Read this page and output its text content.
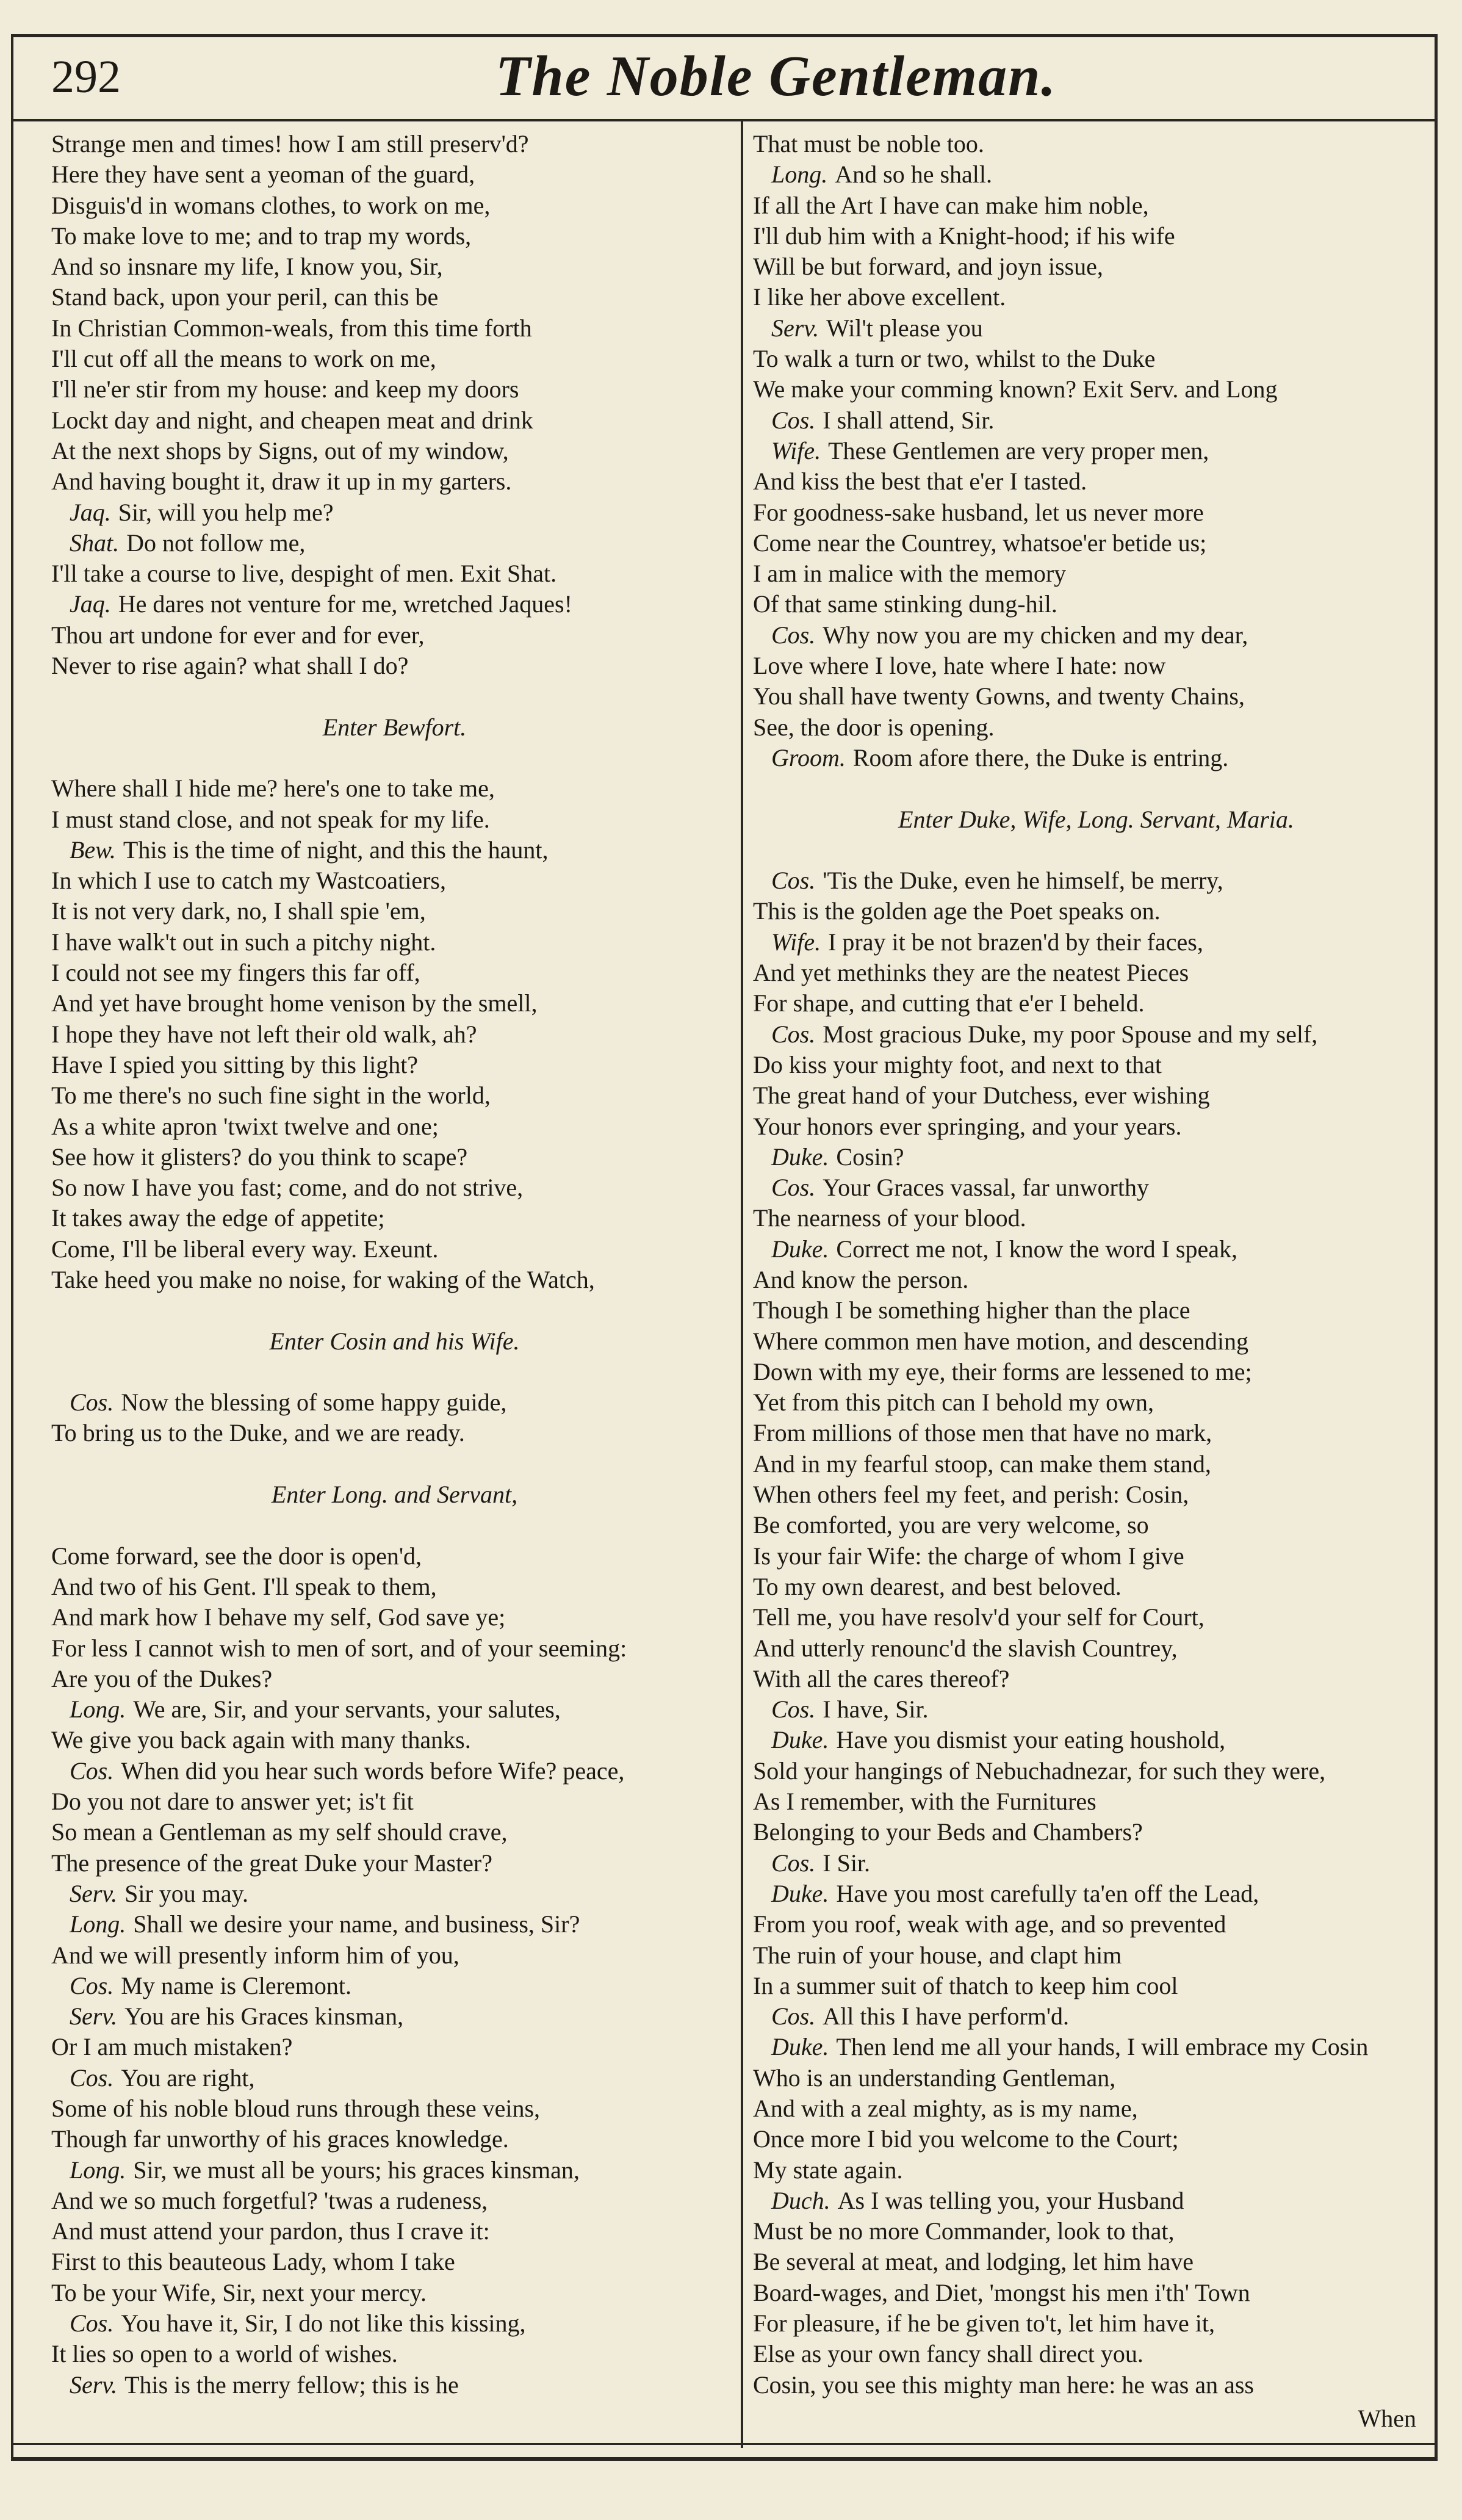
292	The Noble Gentleman.
Strange men and times! how I am still preserv'd?
Here they have sent a yeoman of the guard,
Disguis'd in womans clothes, to work on me,
To make love to me; and to trap my words,
And so insnare my life, I know you, Sir,
Stand back, upon your peril, can this be
In Christian Common-weals, from this time forth
I'll cut off all the means to work on me,
I'll ne'er stir from my house: and keep my doors
Lockt day and night, and cheapen meat and drink
At the next shops by Signs, out of my window,
And having bought it, draw it up in my garters.
Jaq. Sir, will you help me?
Shat. Do not follow me,
I'll take a course to live, despight of men. Exit Shat.
Jaq. He dares not venture for me, wretched Jaques!
Thou art undone for ever and for ever,
Never to rise again? what shall I do?
Enter Bewfort.
Where shall I hide me? here's one to take me,
I must stand close, and not speak for my life.
Bew. This is the time of night, and this the haunt,
In which I use to catch my Wastcoatiers,
It is not very dark, no, I shall spie 'em,
I have walk't out in such a pitchy night.
I could not see my fingers this far off,
And yet have brought home venison by the smell,
I hope they have not left their old walk, ah?
Have I spied you sitting by this light?
To me there's no such fine sight in the world,
As a white apron 'twixt twelve and one;
See how it glisters? do you think to scape?
So now I have you fast; come, and do not strive,
It takes away the edge of appetite;
Come, I'll be liberal every way. Exeunt.
Take heed you make no noise, for waking of the Watch,
Enter Cosin and his Wife.
Cos. Now the blessing of some happy guide,
To bring us to the Duke, and we are ready.
Enter Long. and Servant,
Come forward, see the door is open'd,
And two of his Gent. I'll speak to them,
And mark how I behave my self, God save ye;
For less I cannot wish to men of sort, and of your seeming:
Are you of the Dukes?
Long. We are, Sir, and your servants, your salutes,
We give you back again with many thanks.
Cos. When did you hear such words before Wife? peace,
Do you not dare to answer yet; is't fit
So mean a Gentleman as my self should crave,
The presence of the great Duke your Master?
Serv. Sir you may.
Long. Shall we desire your name, and business, Sir?
And we will presently inform him of you,
Cos. My name is Cleremont.
Serv. You are his Graces kinsman,
Or I am much mistaken?
Cos. You are right,
Some of his noble bloud runs through these veins,
Though far unworthy of his graces knowledge.
Long. Sir, we must all be yours; his graces kinsman,
And we so much forgetful? 'twas a rudeness,
And must attend your pardon, thus I crave it:
First to this beauteous Lady, whom I take
To be your Wife, Sir, next your mercy.
Cos. You have it, Sir, I do not like this kissing,
It lies so open to a world of wishes.
Serv. This is the merry fellow; this is he
That must be noble too.
Long. And so he shall.
If all the Art I have can make him noble,
I'll dub him with a Knight-hood; if his wife
Will be but forward, and joyn issue,
I like her above excellent.
Serv. Wil't please you
To walk a turn or two, whilst to the Duke
We make your comming known? Exit Serv. and Long
Cos. I shall attend, Sir.
Wife. These Gentlemen are very proper men,
And kiss the best that e'er I tasted.
For goodness-sake husband, let us never more
Come near the Countrey, whatsoe'er betide us;
I am in malice with the memory
Of that same stinking dung-hil.
Cos. Why now you are my chicken and my dear,
Love where I love, hate where I hate: now
You shall have twenty Gowns, and twenty Chains,
See, the door is opening.
Groom. Room afore there, the Duke is entring.
Enter Duke, Wife, Long. Servant, Maria.
Cos. 'Tis the Duke, even he himself, be merry,
This is the golden age the Poet speaks on.
Wife. I pray it be not brazen'd by their faces,
And yet methinks they are the neatest Pieces
For shape, and cutting that e'er I beheld.
Cos. Most gracious Duke, my poor Spouse and my self,
Do kiss your mighty foot, and next to that
The great hand of your Dutchess, ever wishing
Your honors ever springing, and your years.
Duke. Cosin?
Cos. Your Graces vassal, far unworthy
The nearness of your blood.
Duke. Correct me not, I know the word I speak,
And know the person.
Though I be something higher than the place
Where common men have motion, and descending
Down with my eye, their forms are lessened to me;
Yet from this pitch can I behold my own,
From millions of those men that have no mark,
And in my fearful stoop, can make them stand,
When others feel my feet, and perish: Cosin,
Be comforted, you are very welcome, so
Is your fair Wife: the charge of whom I give
To my own dearest, and best beloved.
Tell me, you have resolv'd your self for Court,
And utterly renounc'd the slavish Countrey,
With all the cares thereof?
Cos. I have, Sir.
Duke. Have you dismist your eating houshold,
Sold your hangings of Nebuchadnezar, for such they were,
As I remember, with the Furnitures
Belonging to your Beds and Chambers?
Cos. I Sir.
Duke. Have you most carefully ta'en off the Lead,
From you roof, weak with age, and so prevented
The ruin of your house, and clapt him
In a summer suit of thatch to keep him cool
Cos. All this I have perform'd.
Duke. Then lend me all your hands, I will embrace my Cosin
Who is an understanding Gentleman,
And with a zeal mighty, as is my name,
Once more I bid you welcome to the Court;
My state again.
Duch. As I was telling you, your Husband
Must be no more Commander, look to that,
Be several at meat, and lodging, let him have
Board-wages, and Diet, 'mongst his men i'th' Town
For pleasure, if he be given to't, let him have it,
Else as your own fancy shall direct you.
Cosin, you see this mighty man here: he was an ass
When
